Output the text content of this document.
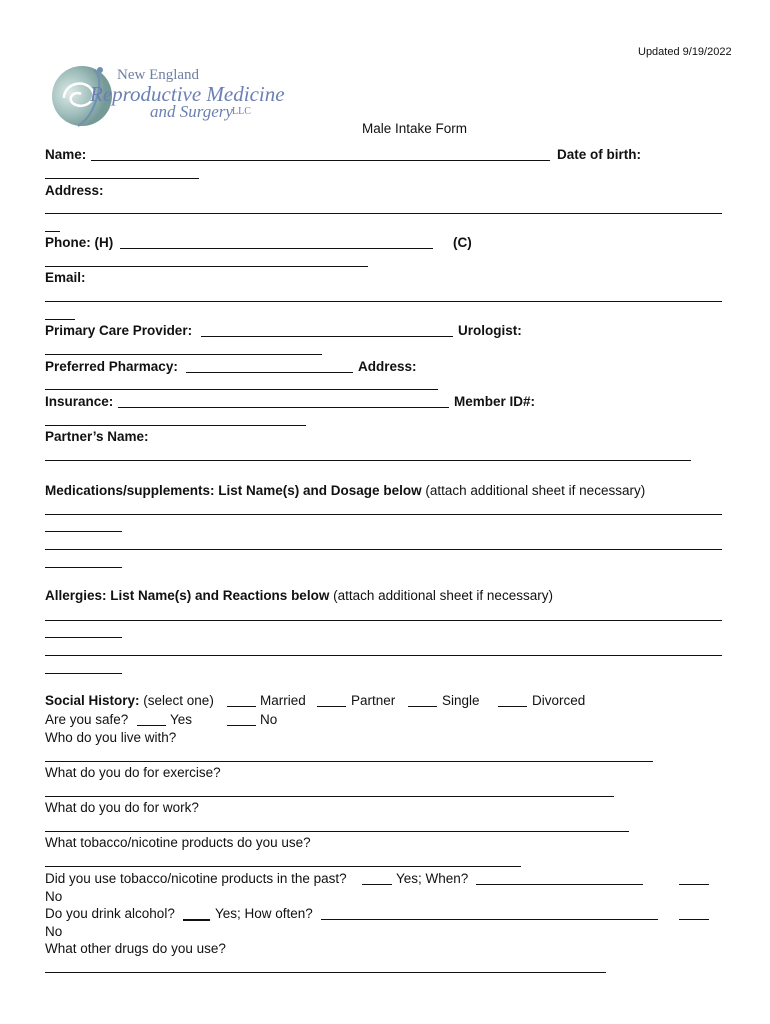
Updated 9/19/2022
New England
Reproductive Medicine
and Surgery LLC
Male Intake Form
Name:	Date of birth:
Address:
Phone: (H)	(C)
Email:
Primary Care Provider:	Urologist:
Preferred Pharmacy:	Address:
Insurance:	Member ID#:
Partner’s Name:
Medications/supplements: List Name(s) and Dosage below (attach additional sheet if necessary)
Allergies: List Name(s) and Reactions below (attach additional sheet if necessary)
Social History: (select one)	Married	Partner	Single	Divorced
Are you safe?	Yes	No
Who do you live with?
What do you do for exercise?
What do you do for work?
What tobacco/nicotine products do you use?
Did you use tobacco/nicotine products in the past?	Yes; When?
No
Do you drink alcohol?	Yes; How often?
No
What other drugs do you use?
